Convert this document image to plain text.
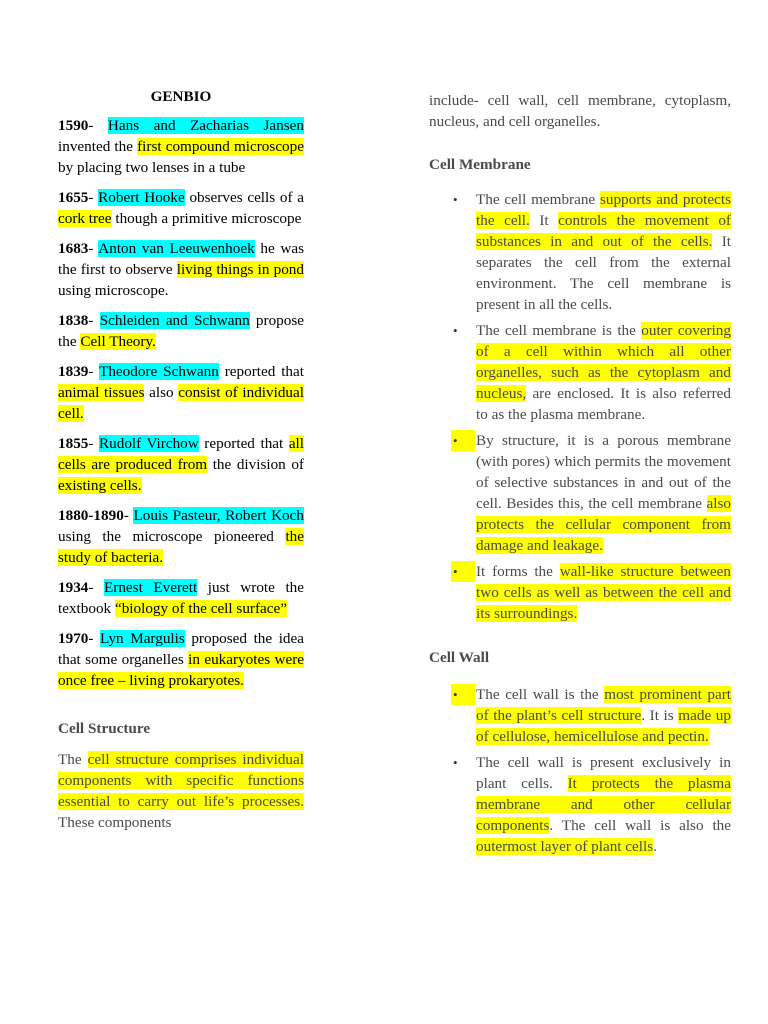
GENBIO
1590- Hans and Zacharias Jansen invented the first compound microscope by placing two lenses in a tube
1655- Robert Hooke observes cells of a cork tree though a primitive microscope
1683- Anton van Leeuwenhoek he was the first to observe living things in pond using microscope.
1838- Schleiden and Schwann propose the Cell Theory.
1839- Theodore Schwann reported that animal tissues also consist of individual cell.
1855- Rudolf Virchow reported that all cells are produced from the division of existing cells.
1880-1890- Louis Pasteur, Robert Koch using the microscope pioneered the study of bacteria.
1934- Ernest Everett just wrote the textbook “biology of the cell surface”
1970- Lyn Margulis proposed the idea that some organelles in eukaryotes were once free – living prokaryotes.
Cell Structure
The cell structure comprises individual components with specific functions essential to carry out life’s processes. These components
include- cell wall, cell membrane, cytoplasm, nucleus, and cell organelles.
Cell Membrane
•
The cell membrane supports and protects the cell. It controls the movement of substances in and out of the cells. It separates the cell from the external environment. The cell membrane is present in all the cells.
•
The cell membrane is the outer covering of a cell within which all other organelles, such as the cytoplasm and nucleus, are enclosed. It is also referred to as the plasma membrane.
•
By structure, it is a porous membrane (with pores) which permits the movement of selective substances in and out of the cell. Besides this, the cell membrane also protects the cellular component from damage and leakage.
•
It forms the wall-like structure between two cells as well as between the cell and its surroundings.
Cell Wall
•
The cell wall is the most prominent part of the plant’s cell structure. It is made up of cellulose, hemicellulose and pectin.
•
The cell wall is present exclusively in plant cells. It protects the plasma membrane and other cellular components. The cell wall is also the outermost layer of plant cells.
